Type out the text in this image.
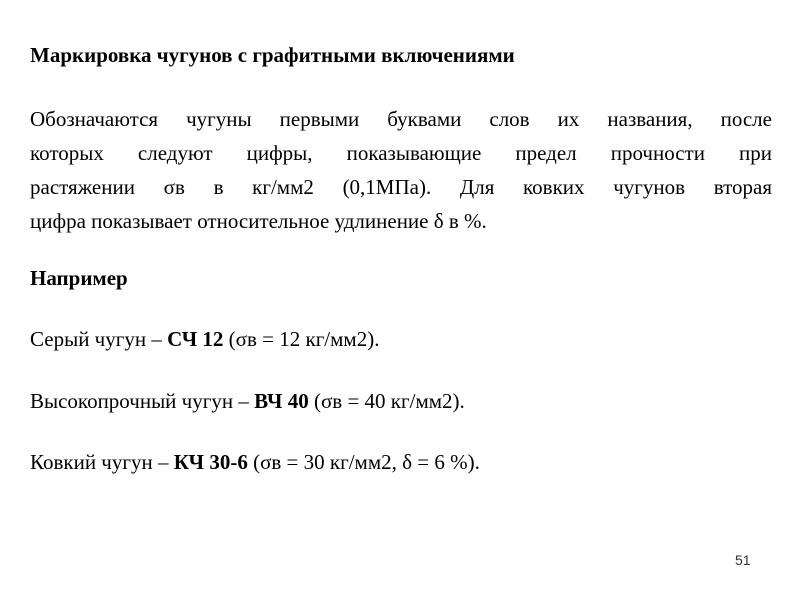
Маркировка чугунов с графитными включениями

Обозначаются чугуны первыми буквами слов их названия, после
которых следуют цифры, показывающие предел прочности при
растяжении σв в кг/мм2 (0,1МПа). Для ковких чугунов вторая
цифра показывает относительное удлинение δ в %.

Например

Серый чугун – СЧ 12 (σв = 12 кг/мм2).

Высокопрочный чугун – ВЧ 40 (σв = 40 кг/мм2).

Ковкий чугун – КЧ 30-6 (σв = 30 кг/мм2, δ = 6 %).

51
